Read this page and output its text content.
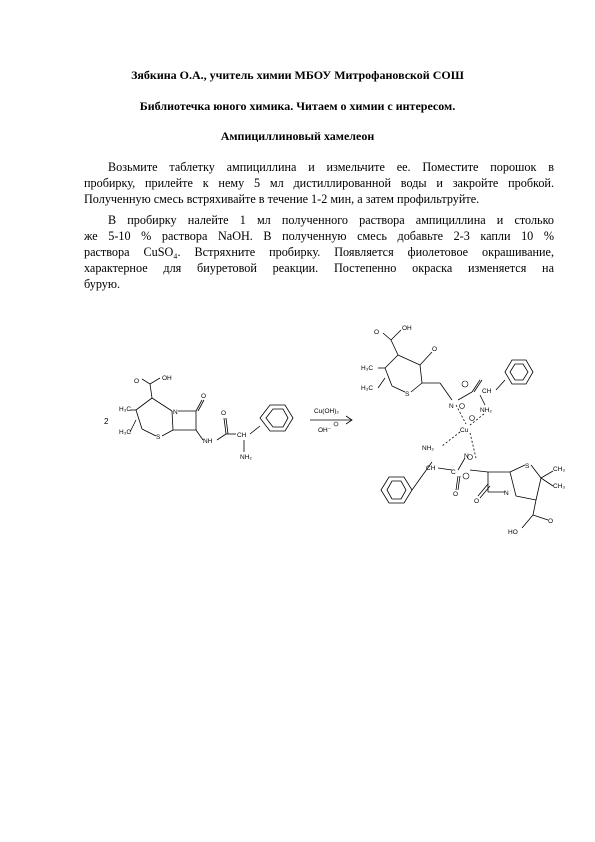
Зябкина О.А., учитель химии МБОУ Митрофановской СОШ
Библиотечка юного химика. Читаем о химии с интересом.
Ампициллиновый хамелеон
Возьмите таблетку ампициллина и измельчите ее. Поместите порошок в
пробирку, прилейте к нему 5 мл дистиллированной воды и закройте пробкой.
Полученную смесь встряхивайте в течение 1-2 мин, а затем профильтруйте.
В пробирку налейте 1 мл полученного раствора ампициллина и столько
же 5-10 % раствора NaOH. В полученную смесь добавьте 2-3 капли 10 %
раствора CuSO₄. Встряхните пробирку. Появляется фиолетовое окрашивание,
характерное для биуретовой реакции. Постепенно окраска изменяется на
бурую.
O	OH
H₃C
H₃C
S
N
O
NH
O
CH
NH₂
2
Cu(OH)₂
OH⁻
O
OH
H₃C
H₃C
S
O
N
CH
NH₂
Cu
NH₂
CH
C
N
O
O
N
S	CH₃
CH₃
O
HO
